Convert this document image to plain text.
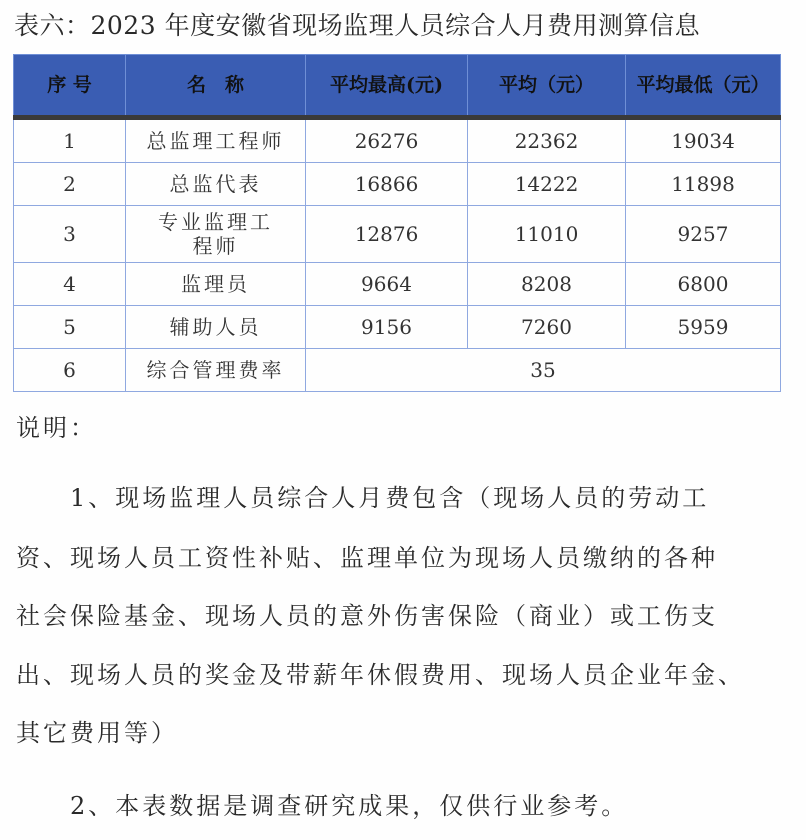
表六：2023 年度安徽省现场监理人员综合人月费用测算信息
序 号	名　称	平均最高(元)	平均（元）	平均最低（元）
1	总监理工程师	26276	22362	19034
2	总监代表	16866	14222	11898
3	专业监理工程师	12876	11010	9257
4	监理员	9664	8208	6800
5	辅助人员	9156	7260	5959
6	综合管理费率	35		
说明：
　　1、现场监理人员综合人月费包含（现场人员的劳动工
资、现场人员工资性补贴、监理单位为现场人员缴纳的各种
社会保险基金、现场人员的意外伤害保险（商业）或工伤支
出、现场人员的奖金及带薪年休假费用、现场人员企业年金、
其它费用等）
　　2、本表数据是调查研究成果，仅供行业参考。
